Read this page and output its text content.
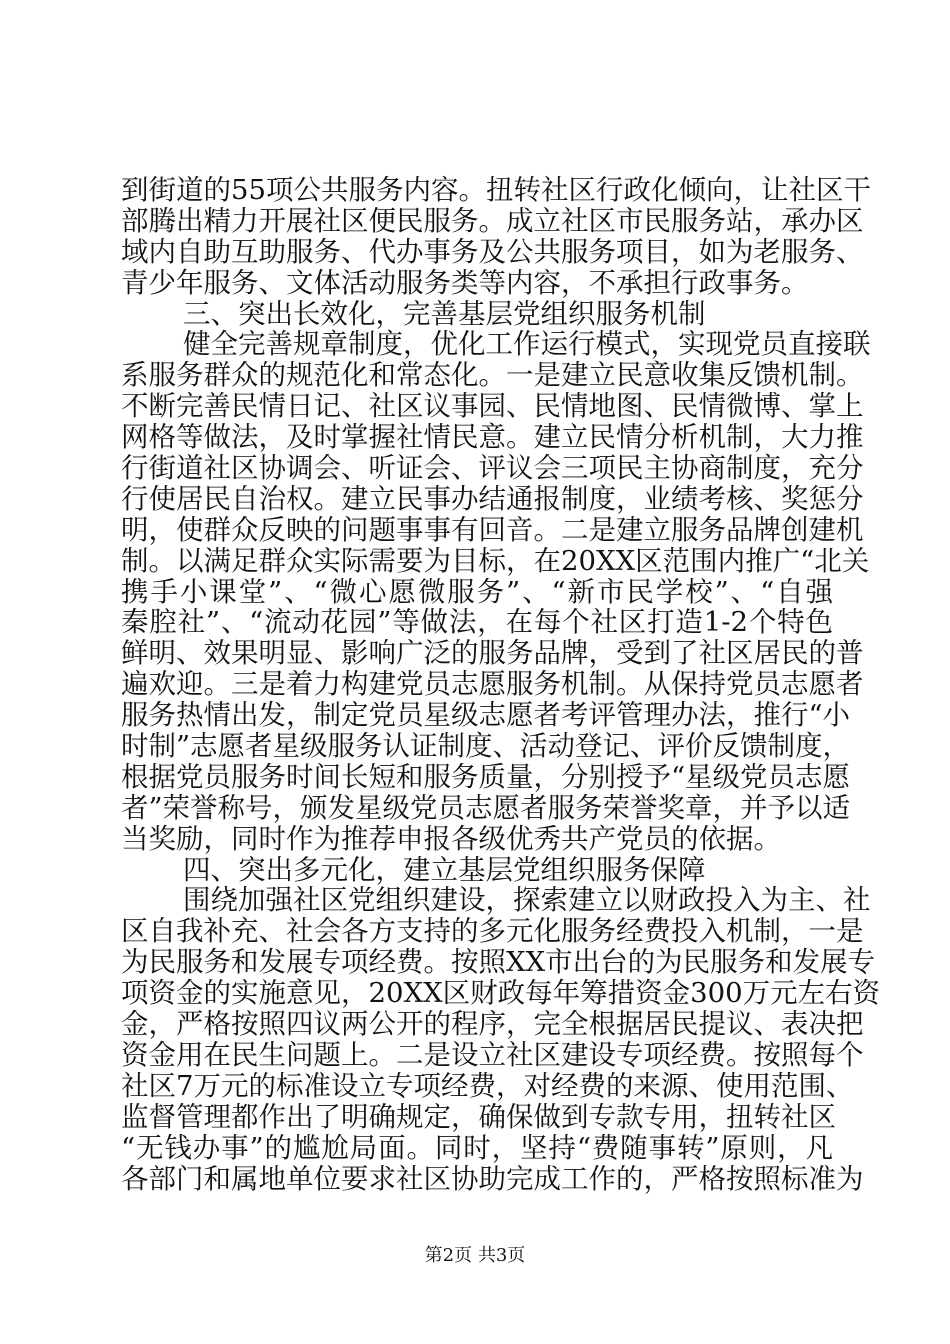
到街道的55项公共服务内容。扭转社区行政化倾向，让社区干
部腾出精力开展社区便民服务。成立社区市民服务站，承办区
域内自助互助服务、代办事务及公共服务项目，如为老服务、
青少年服务、文体活动服务类等内容，不承担行政事务。
三、突出长效化，完善基层党组织服务机制
健全完善规章制度，优化工作运行模式，实现党员直接联
系服务群众的规范化和常态化。一是建立民意收集反馈机制。
不断完善民情日记、社区议事园、民情地图、民情微博、掌上
网格等做法，及时掌握社情民意。建立民情分析机制，大力推
行街道社区协调会、听证会、评议会三项民主协商制度，充分
行使居民自治权。建立民事办结通报制度，业绩考核、奖惩分
明，使群众反映的问题事事有回音。二是建立服务品牌创建机
制。以满足群众实际需要为目标，在20XX区范围内推广“北关
携手小课堂”、“微心愿微服务”、“新市民学校”、“自强
秦腔社”、“流动花园”等做法，在每个社区打造1-2个特色
鲜明、效果明显、影响广泛的服务品牌，受到了社区居民的普
遍欢迎。三是着力构建党员志愿服务机制。从保持党员志愿者
服务热情出发，制定党员星级志愿者考评管理办法，推行“小
时制”志愿者星级服务认证制度、活动登记、评价反馈制度，
根据党员服务时间长短和服务质量，分别授予“星级党员志愿
者”荣誉称号，颁发星级党员志愿者服务荣誉奖章，并予以适
当奖励，同时作为推荐申报各级优秀共产党员的依据。
四、突出多元化，建立基层党组织服务保障
围绕加强社区党组织建设，探索建立以财政投入为主、社
区自我补充、社会各方支持的多元化服务经费投入机制，一是
为民服务和发展专项经费。按照XX市出台的为民服务和发展专
项资金的实施意见，20XX区财政每年筹措资金300万元左右资
金，严格按照四议两公开的程序，完全根据居民提议、表决把
资金用在民生问题上。二是设立社区建设专项经费。按照每个
社区7万元的标准设立专项经费，对经费的来源、使用范围、
监督管理都作出了明确规定，确保做到专款专用，扭转社区
“无钱办事”的尴尬局面。同时，坚持“费随事转”原则，凡
各部门和属地单位要求社区协助完成工作的，严格按照标准为
第2页 共3页
